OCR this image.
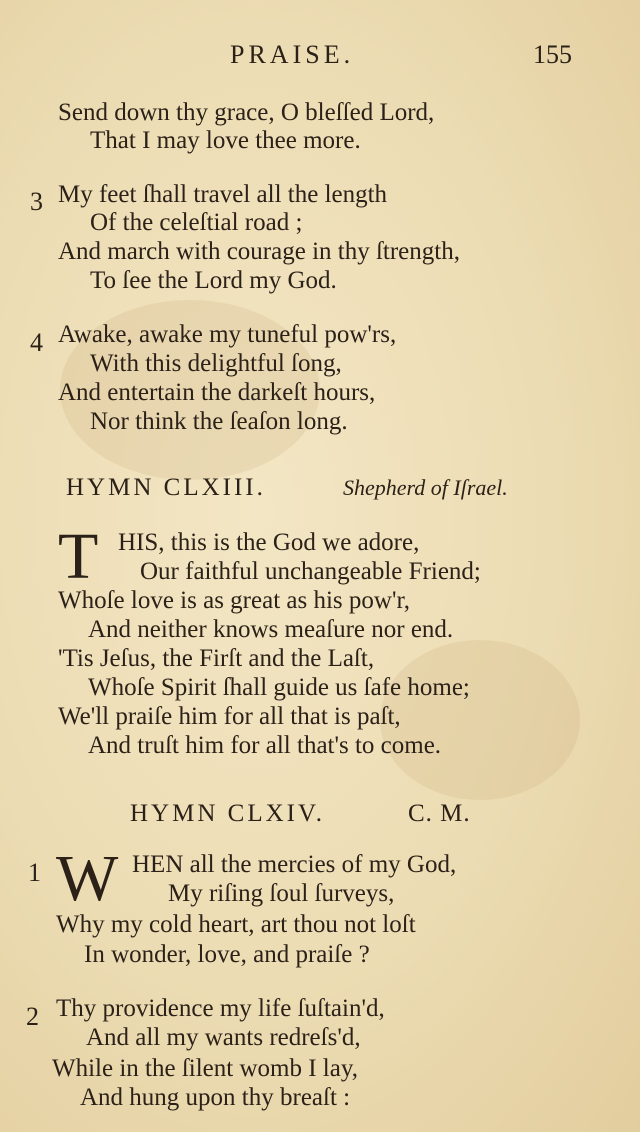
PRAISE.	155
Send down thy grace, O bleſſed Lord,
That I may love thee more.
3 My feet ſhall travel all the length
Of the celeſtial road ;
And march with courage in thy ſtrength,
To ſee the Lord my God.
4 Awake, awake my tuneful pow'rs,
With this delightful ſong,
And entertain the darkeſt hours,
Nor think the ſeaſon long.
HYMN CLXIII.	Shepherd of Iſrael.
T HIS, this is the God we adore,
Our faithful unchangeable Friend;
Whoſe love is as great as his pow'r,
And neither knows meaſure nor end.
'Tis Jeſus, the Firſt and the Laſt,
Whoſe Spirit ſhall guide us ſafe home;
We'll praiſe him for all that is paſt,
And truſt him for all that's to come.
HYMN CLXIV.	C. M.
1 W HEN all the mercies of my God,
My riſing ſoul ſurveys,
Why my cold heart, art thou not loſt
In wonder, love, and praiſe ?
2 Thy providence my life ſuſtain'd,
And all my wants redreſs'd,
While in the ſilent womb I lay,
And hung upon thy breaſt :
